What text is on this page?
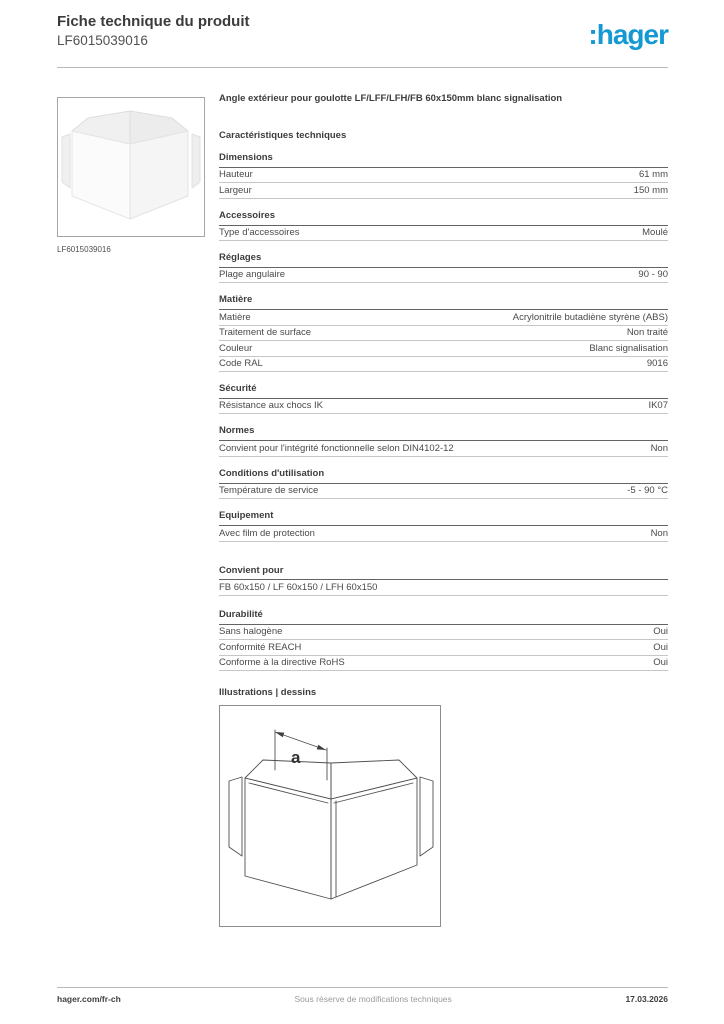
Fiche technique du produit
LF6015039016	:hager
LF6015039016
Angle extérieur pour goulotte LF/LFF/LFH/FB 60x150mm blanc signalisation
Caractéristiques techniques
Dimensions
Hauteur	61 mm
Largeur	150 mm
Accessoires
Type d'accessoires	Moulé
Réglages
Plage angulaire	90 - 90
Matière
Matière	Acrylonitrile butadiène styrène (ABS)
Traitement de surface	Non traité
Couleur	Blanc signalisation
Code RAL	9016
Sécurité
Résistance aux chocs IK	IK07
Normes
Convient pour l'intégrité fonctionnelle selon DIN4102-12	Non
Conditions d'utilisation
Température de service	-5 - 90 °C
Equipement
Avec film de protection	Non
Convient pour
FB 60x150 / LF 60x150 / LFH 60x150
Durabilité
Sans halogène	Oui
Conformité REACH	Oui
Conforme à la directive RoHS	Oui
Illustrations | dessins
a
hager.com/fr-ch	Sous réserve de modifications techniques	17.03.2026
